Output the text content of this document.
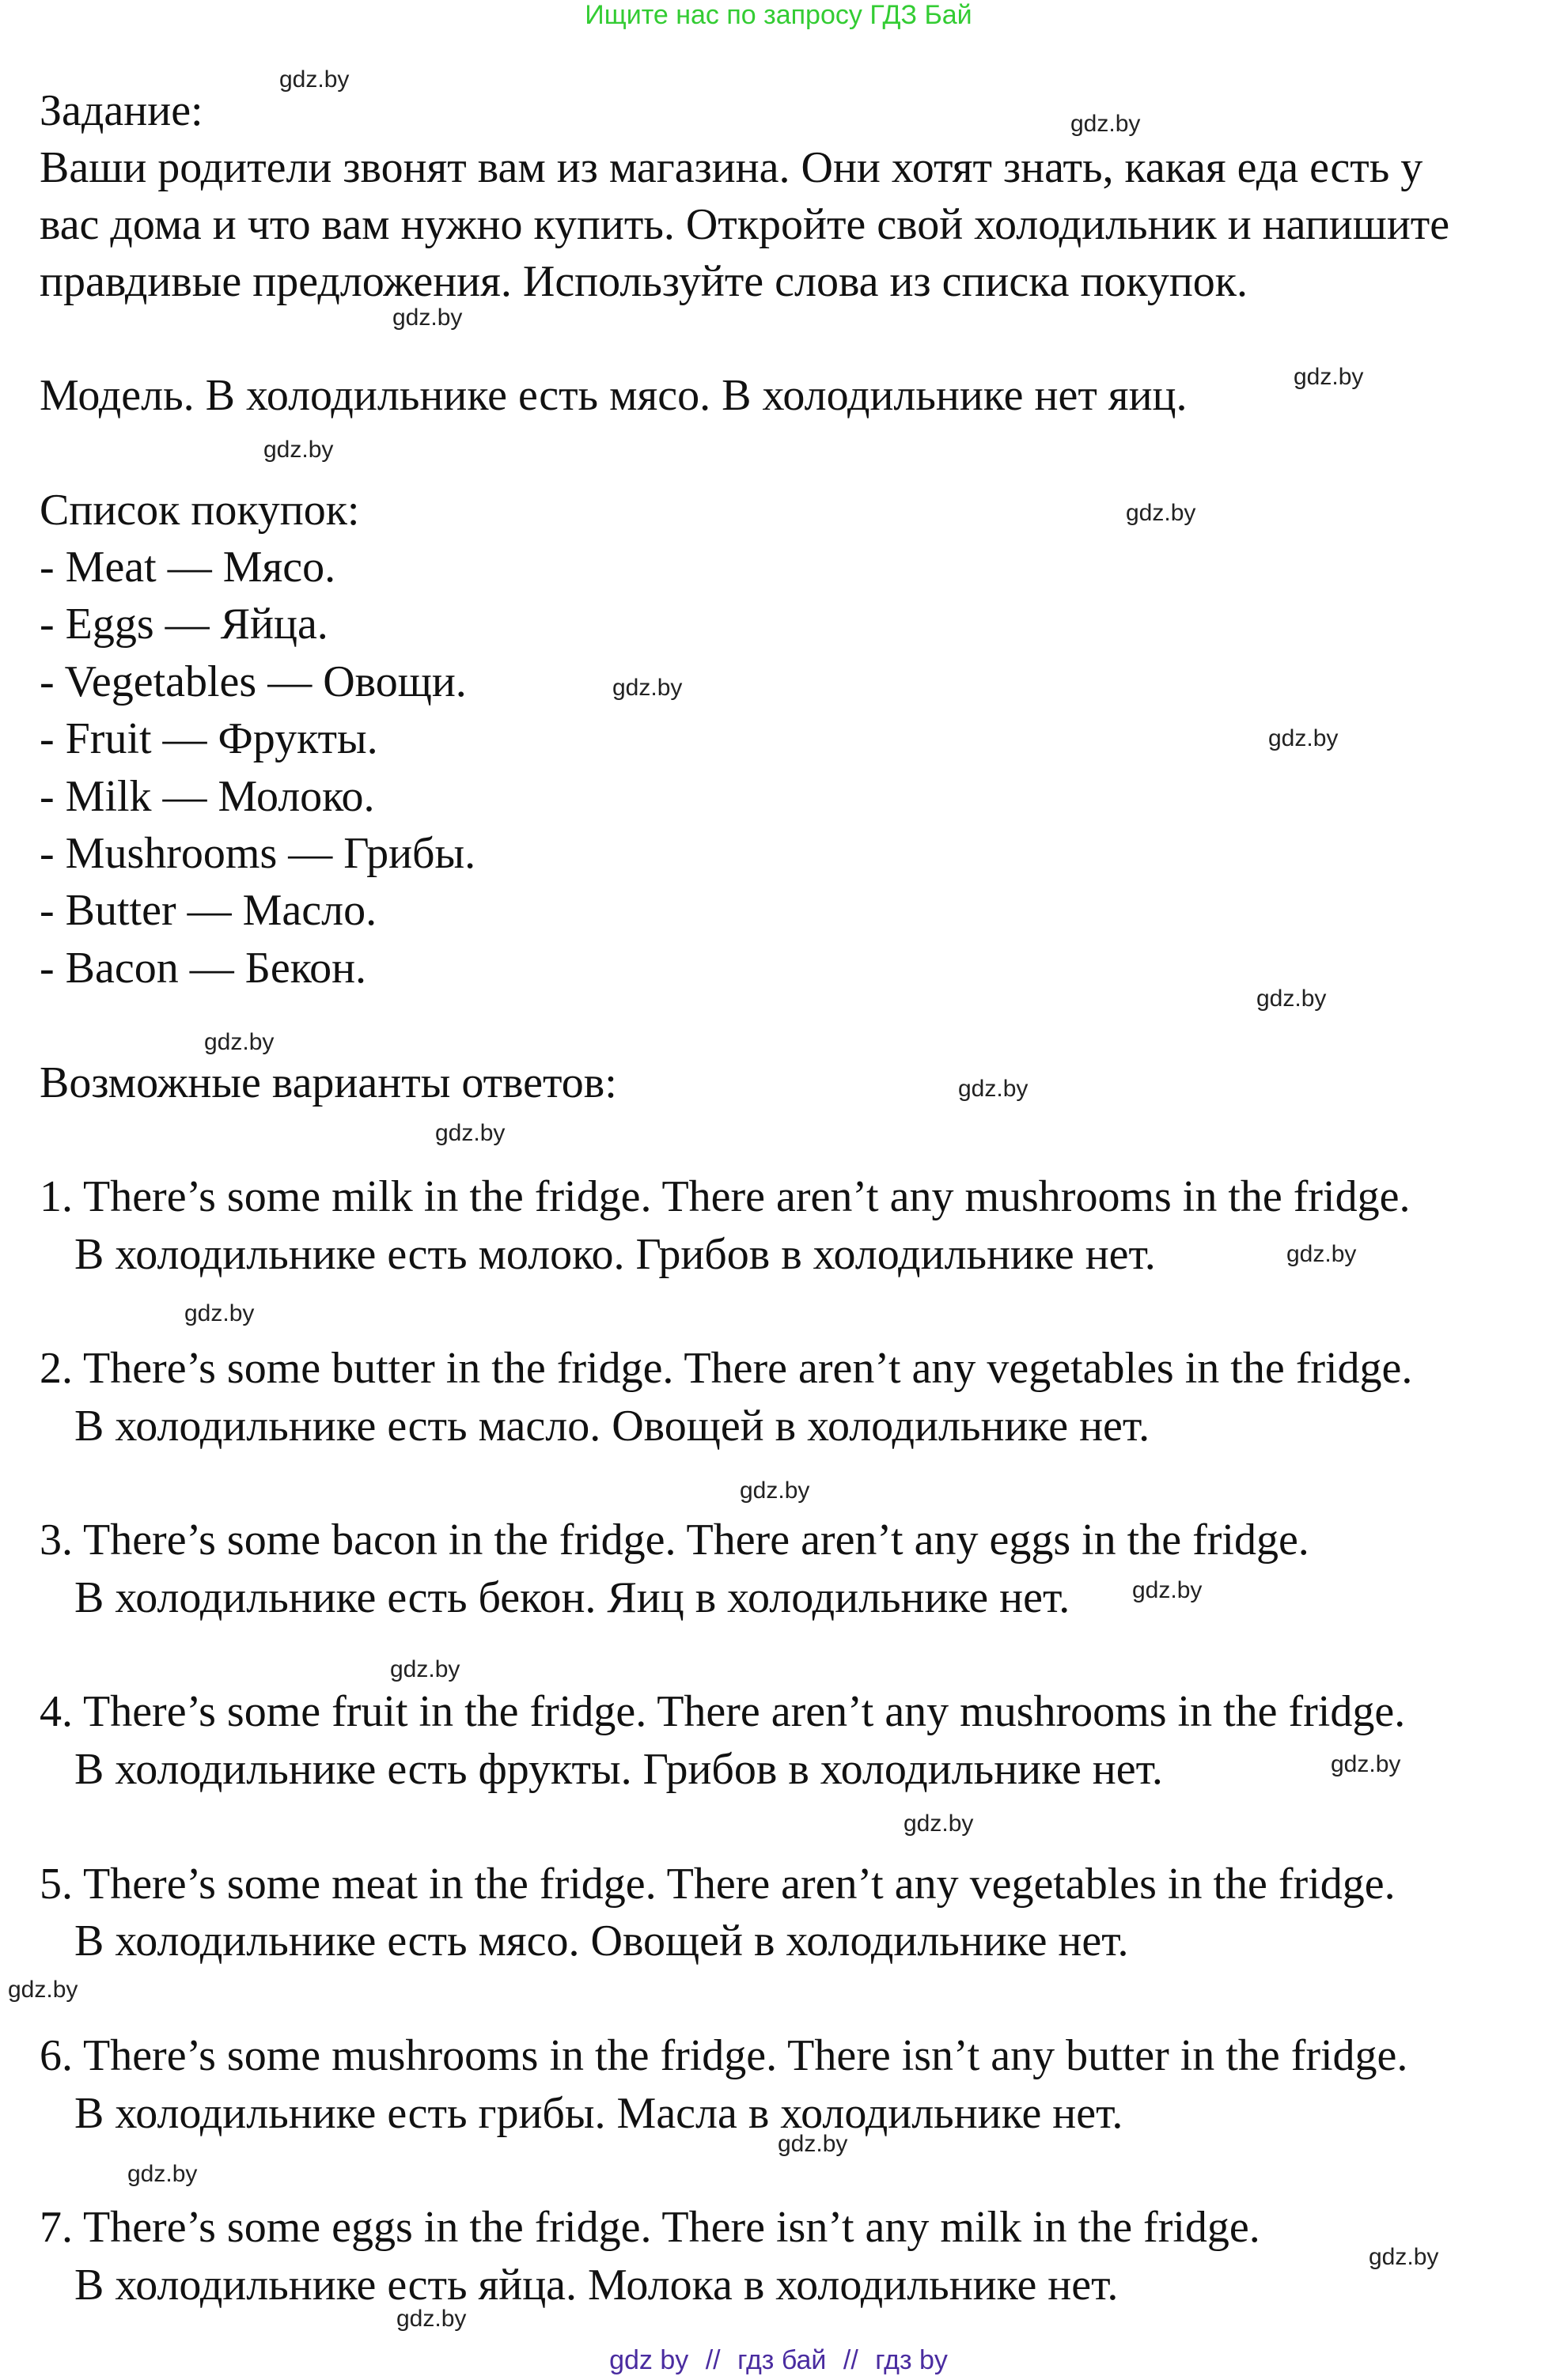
Ищите нас по запросу ГДЗ Бай
Задание:
Ваши родители звонят вам из магазина. Они хотят знать, какая еда есть у
вас дома и что вам нужно купить. Откройте свой холодильник и напишите
правдивые предложения. Используйте слова из списка покупок.
Модель. В холодильнике есть мясо. В холодильнике нет яиц.
Список покупок:
- Meat — Мясо.
- Eggs — Яйца.
- Vegetables — Овощи.
- Fruit — Фрукты.
- Milk — Молоко.
- Mushrooms — Грибы.
- Butter — Масло.
- Bacon — Бекон.
Возможные варианты ответов:
1. There’s some milk in the fridge. There aren’t any mushrooms in the fridge.
В холодильнике есть молоко. Грибов в холодильнике нет.
2. There’s some butter in the fridge. There aren’t any vegetables in the fridge.
В холодильнике есть масло. Овощей в холодильнике нет.
3. There’s some bacon in the fridge. There aren’t any eggs in the fridge.
В холодильнике есть бекон. Яиц в холодильнике нет.
4. There’s some fruit in the fridge. There aren’t any mushrooms in the fridge.
В холодильнике есть фрукты. Грибов в холодильнике нет.
5. There’s some meat in the fridge. There aren’t any vegetables in the fridge.
В холодильнике есть мясо. Овощей в холодильнике нет.
6. There’s some mushrooms in the fridge. There isn’t any butter in the fridge.
В холодильнике есть грибы. Масла в холодильнике нет.
7. There’s some eggs in the fridge. There isn’t any milk in the fridge.
В холодильнике есть яйца. Молока в холодильнике нет.
gdz.by
gdz.by
gdz.by
gdz.by
gdz.by
gdz.by
gdz.by
gdz.by
gdz.by
gdz.by
gdz.by
gdz.by
gdz.by
gdz.by
gdz.by
gdz.by
gdz.by
gdz.by
gdz.by
gdz.by
gdz.by
gdz.by
gdz.by
gdz.by
gdz by // гдз бай // гдз by
